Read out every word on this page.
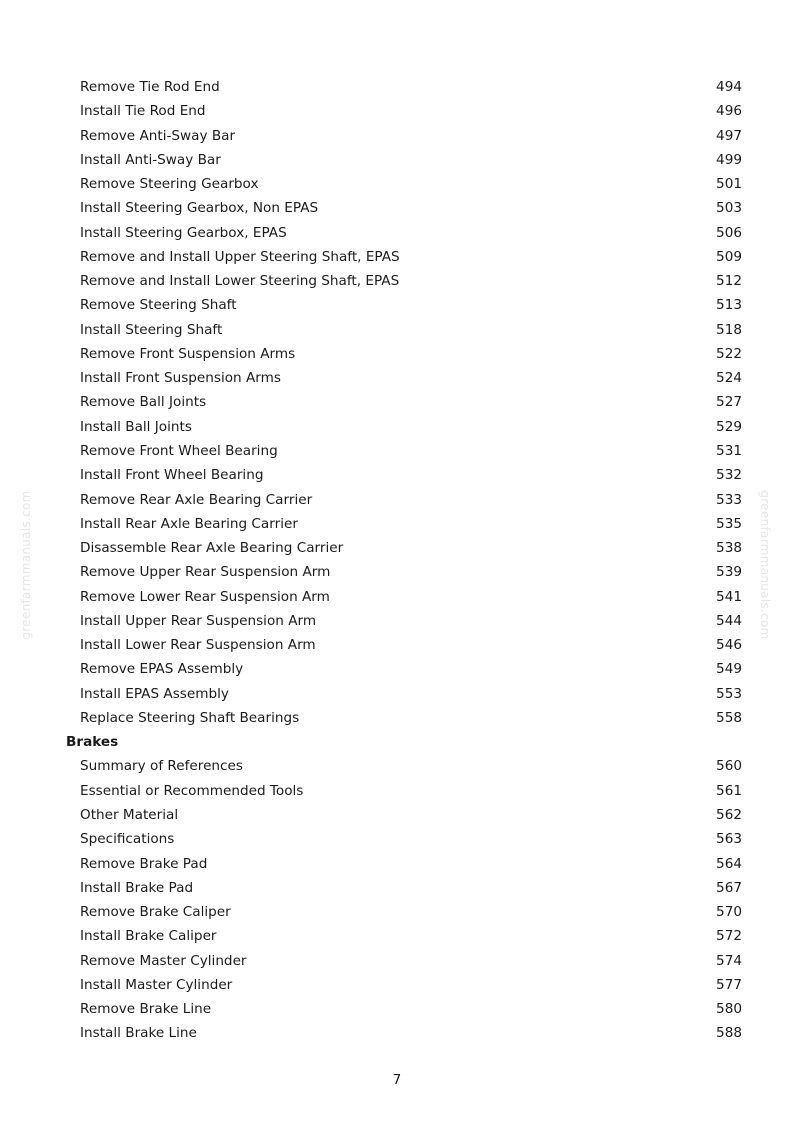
Remove Tie Rod End	494
Install Tie Rod End	496
Remove Anti-Sway Bar	497
Install Anti-Sway Bar	499
Remove Steering Gearbox	501
Install Steering Gearbox, Non EPAS	503
Install Steering Gearbox, EPAS	506
Remove and Install Upper Steering Shaft, EPAS	509
Remove and Install Lower Steering Shaft, EPAS	512
Remove Steering Shaft	513
Install Steering Shaft	518
Remove Front Suspension Arms	522
Install Front Suspension Arms	524
Remove Ball Joints	527
Install Ball Joints	529
Remove Front Wheel Bearing	531
Install Front Wheel Bearing	532
Remove Rear Axle Bearing Carrier	533
Install Rear Axle Bearing Carrier	535
Disassemble Rear Axle Bearing Carrier	538
Remove Upper Rear Suspension Arm	539
Remove Lower Rear Suspension Arm	541
Install Upper Rear Suspension Arm	544
Install Lower Rear Suspension Arm	546
Remove EPAS Assembly	549
Install EPAS Assembly	553
Replace Steering Shaft Bearings	558
Brakes
Summary of References	560
Essential or Recommended Tools	561
Other Material	562
Specifications	563
Remove Brake Pad	564
Install Brake Pad	567
Remove Brake Caliper	570
Install Brake Caliper	572
Remove Master Cylinder	574
Install Master Cylinder	577
Remove Brake Line	580
Install Brake Line	588
greenfarmmanuals.com	greenfarmmanuals.com
7
